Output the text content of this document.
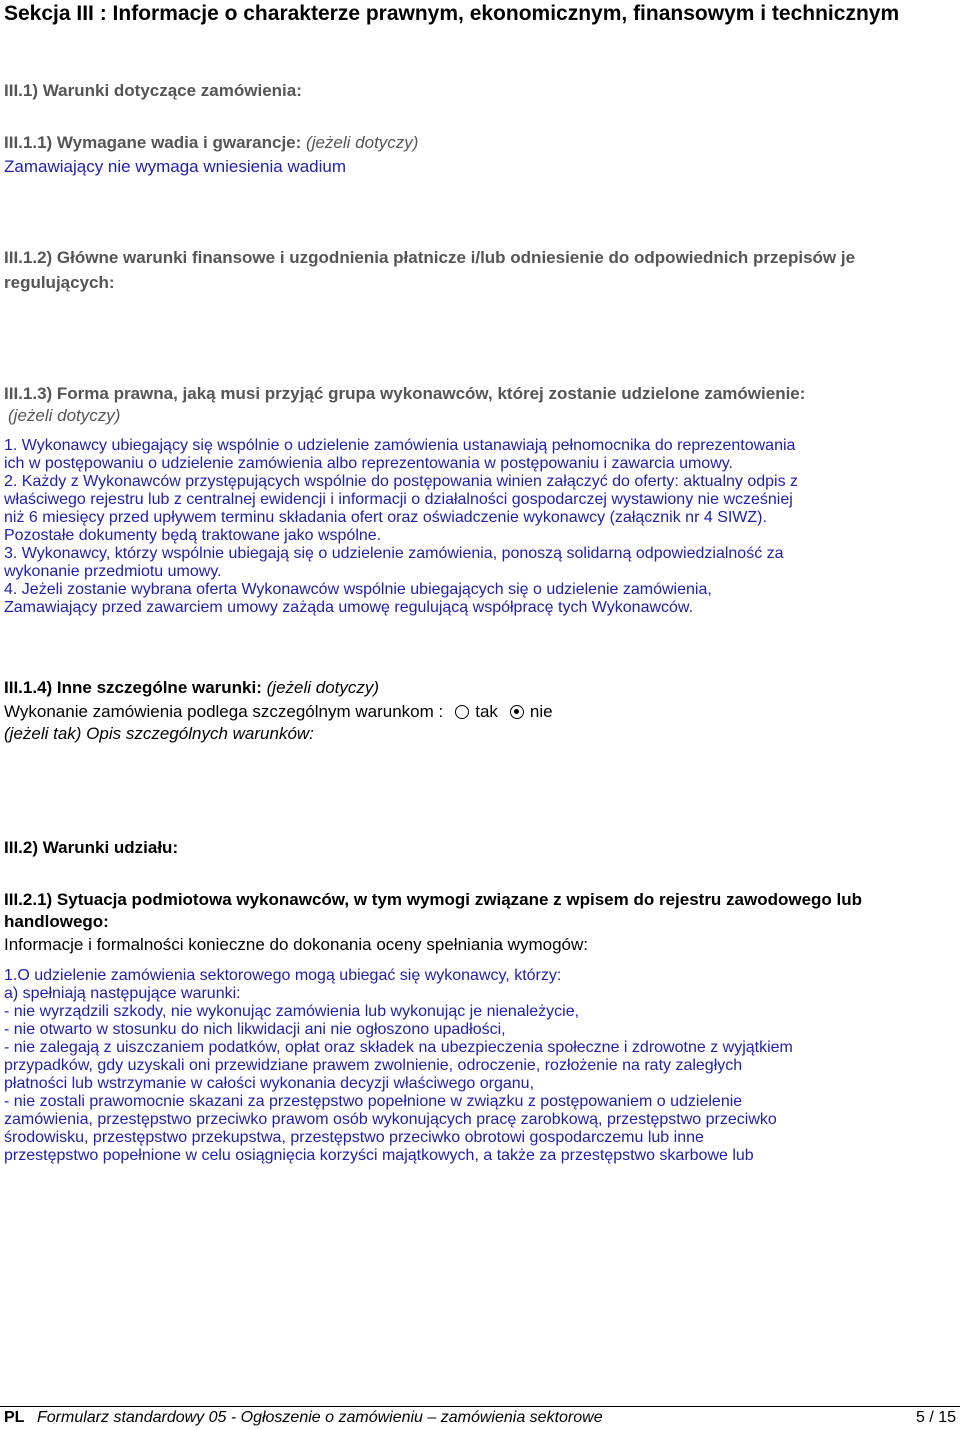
Sekcja III : Informacje o charakterze prawnym, ekonomicznym, finansowym i technicznym
III.1) Warunki dotyczące zamówienia:
III.1.1) Wymagane wadia i gwarancje: (jeżeli dotyczy)
Zamawiający nie wymaga wniesienia wadium
III.1.2) Główne warunki finansowe i uzgodnienia płatnicze i/lub odniesienie do odpowiednich przepisów je regulujących:
III.1.3) Forma prawna, jaką musi przyjąć grupa wykonawców, której zostanie udzielone zamówienie:
(jeżeli dotyczy)
1. Wykonawcy ubiegający się wspólnie o udzielenie zamówienia ustanawiają pełnomocnika do reprezentowania
ich w postępowaniu o udzielenie zamówienia albo reprezentowania w postępowaniu i zawarcia umowy.
2. Każdy z Wykonawców przystępujących wspólnie do postępowania winien załączyć do oferty: aktualny odpis z
właściwego rejestru lub z centralnej ewidencji i informacji o działalności gospodarczej wystawiony nie wcześniej
niż 6 miesięcy przed upływem terminu składania ofert oraz oświadczenie wykonawcy (załącznik nr 4 SIWZ).
Pozostałe dokumenty będą traktowane jako wspólne.
3. Wykonawcy, którzy wspólnie ubiegają się o udzielenie zamówienia, ponoszą solidarną odpowiedzialność za
wykonanie przedmiotu umowy.
4. Jeżeli zostanie wybrana oferta Wykonawców wspólnie ubiegających się o udzielenie zamówienia,
Zamawiający przed zawarciem umowy zażąda umowę regulującą współpracę tych Wykonawców.
III.1.4) Inne szczególne warunki: (jeżeli dotyczy)
Wykonanie zamówienia podlega szczególnym warunkom : tak nie
(jeżeli tak) Opis szczególnych warunków:
III.2) Warunki udziału:
III.2.1) Sytuacja podmiotowa wykonawców, w tym wymogi związane z wpisem do rejestru zawodowego lub handlowego:
Informacje i formalności konieczne do dokonania oceny spełniania wymogów:
1.O udzielenie zamówienia sektorowego mogą ubiegać się wykonawcy, którzy:
a) spełniają następujące warunki:
- nie wyrządzili szkody, nie wykonując zamówienia lub wykonując je nienależycie,
- nie otwarto w stosunku do nich likwidacji ani nie ogłoszono upadłości,
- nie zalegają z uiszczaniem podatków, opłat oraz składek na ubezpieczenia społeczne i zdrowotne z wyjątkiem
przypadków, gdy uzyskali oni przewidziane prawem zwolnienie, odroczenie, rozłożenie na raty zaległych
płatności lub wstrzymanie w całości wykonania decyzji właściwego organu,
- nie zostali prawomocnie skazani za przestępstwo popełnione w związku z postępowaniem o udzielenie
zamówienia, przestępstwo przeciwko prawom osób wykonujących pracę zarobkową, przestępstwo przeciwko
środowisku, przestępstwo przekupstwa, przestępstwo przeciwko obrotowi gospodarczemu lub inne
przestępstwo popełnione w celu osiągnięcia korzyści majątkowych, a także za przestępstwo skarbowe lub
PL Formularz standardowy 05 - Ogłoszenie o zamówieniu – zamówienia sektorowe	5 / 15
